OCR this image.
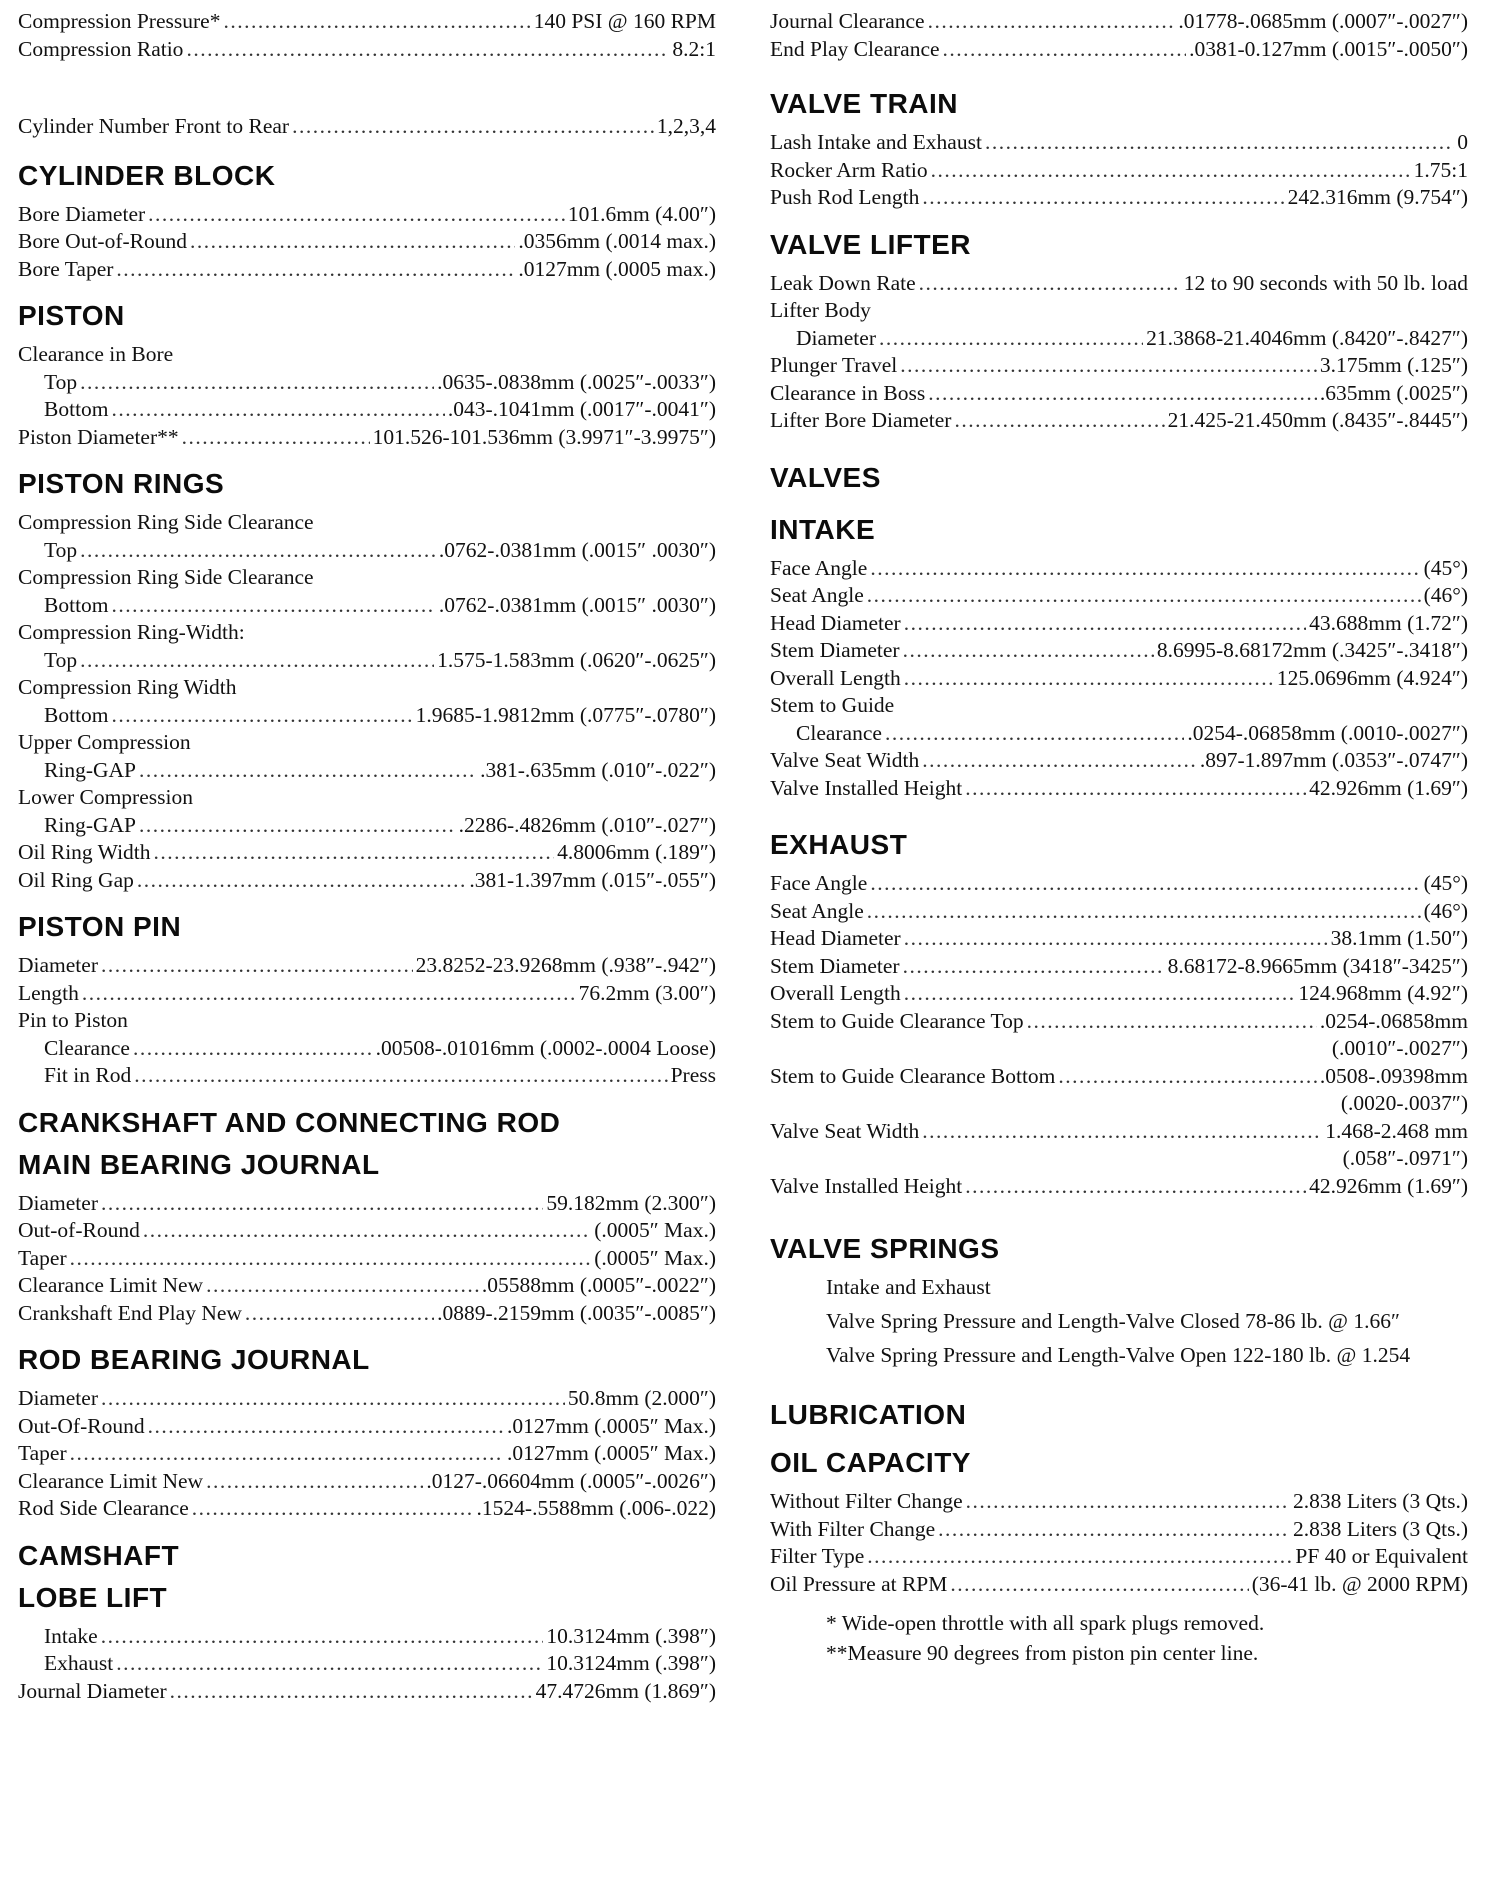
Compression Pressure* .....	140 PSI @ 160 RPM
Compression Ratio .....	8.2:1
Cylinder Number Front to Rear .....	1,2,3,4
CYLINDER BLOCK
Bore Diameter .....	101.6mm (4.00″)
Bore Out-of-Round .....	.0356mm (.0014 max.)
Bore Taper .....	.0127mm (.0005 max.)
PISTON
Clearance in Bore
Top .....	.0635-.0838mm (.0025″-.0033″)
Bottom .....	.043-.1041mm (.0017″-.0041″)
Piston Diameter** .....	101.526-101.536mm (3.9971″-3.9975″)
PISTON RINGS
Compression Ring Side Clearance
Top .....	.0762-.0381mm (.0015″ .0030″)
Compression Ring Side Clearance
Bottom .....	.0762-.0381mm (.0015″ .0030″)
Compression Ring-Width:
Top .....	1.575-1.583mm (.0620″-.0625″)
Compression Ring Width
Bottom .....	1.9685-1.9812mm (.0775″-.0780″)
Upper Compression
Ring-GAP .....	.381-.635mm (.010″-.022″)
Lower Compression
Ring-GAP .....	.2286-.4826mm (.010″-.027″)
Oil Ring Width .....	4.8006mm (.189″)
Oil Ring Gap .....	.381-1.397mm (.015″-.055″)
PISTON PIN
Diameter .....	23.8252-23.9268mm (.938″-.942″)
Length .....	76.2mm (3.00″)
Pin to Piston
Clearance .....	.00508-.01016mm (.0002-.0004 Loose)
Fit in Rod .....	Press
CRANKSHAFT AND CONNECTING ROD
MAIN BEARING JOURNAL
Diameter .....	59.182mm (2.300″)
Out-of-Round .....	(.0005″ Max.)
Taper .....	(.0005″ Max.)
Clearance Limit New .....	.05588mm (.0005″-.0022″)
Crankshaft End Play New .....	.0889-.2159mm (.0035″-.0085″)
ROD BEARING JOURNAL
Diameter .....	50.8mm (2.000″)
Out-Of-Round .....	.0127mm (.0005″ Max.)
Taper .....	.0127mm (.0005″ Max.)
Clearance Limit New .....	.0127-.06604mm (.0005″-.0026″)
Rod Side Clearance .....	.1524-.5588mm (.006-.022)
CAMSHAFT
LOBE LIFT
Intake .....	10.3124mm (.398″)
Exhaust .....	10.3124mm (.398″)
Journal Diameter .....	47.4726mm (1.869″)
Journal Clearance .....	.01778-.0685mm (.0007″-.0027″)
End Play Clearance .....	.0381-0.127mm (.0015″-.0050″)
VALVE TRAIN
Lash Intake and Exhaust .....	0
Rocker Arm Ratio .....	1.75:1
Push Rod Length .....	242.316mm (9.754″)
VALVE LIFTER
Leak Down Rate .....	12 to 90 seconds with 50 lb. load
Lifter Body
Diameter .....	21.3868-21.4046mm (.8420″-.8427″)
Plunger Travel .....	3.175mm (.125″)
Clearance in Boss .....	.635mm (.0025″)
Lifter Bore Diameter .....	21.425-21.450mm (.8435″-.8445″)
VALVES
INTAKE
Face Angle .....	(45°)
Seat Angle .....	(46°)
Head Diameter .....	43.688mm (1.72″)
Stem Diameter .....	8.6995-8.68172mm (.3425″-.3418″)
Overall Length .....	125.0696mm (4.924″)
Stem to Guide
Clearance .....	.0254-.06858mm (.0010-.0027″)
Valve Seat Width .....	.897-1.897mm (.0353″-.0747″)
Valve Installed Height .....	42.926mm (1.69″)
EXHAUST
Face Angle .....	(45°)
Seat Angle .....	(46°)
Head Diameter .....	38.1mm (1.50″)
Stem Diameter .....	8.68172-8.9665mm (3418″-3425″)
Overall Length .....	124.968mm (4.92″)
Stem to Guide Clearance Top .....	.0254-.06858mm
(.0010″-.0027″)
Stem to Guide Clearance Bottom .....	.0508-.09398mm
(.0020-.0037″)
Valve Seat Width .....	1.468-2.468 mm
(.058″-.0971″)
Valve Installed Height .....	42.926mm (1.69″)
VALVE SPRINGS
Intake and Exhaust
Valve Spring Pressure and Length-Valve Closed 78-86 lb. @ 1.66″
Valve Spring Pressure and Length-Valve Open 122-180 lb. @ 1.254
LUBRICATION
OIL CAPACITY
Without Filter Change .....	2.838 Liters (3 Qts.)
With Filter Change .....	2.838 Liters (3 Qts.)
Filter Type .....	PF 40 or Equivalent
Oil Pressure at RPM .....	(36-41 lb. @ 2000 RPM)
* Wide-open throttle with all spark plugs removed.
**Measure 90 degrees from piston pin center line.
